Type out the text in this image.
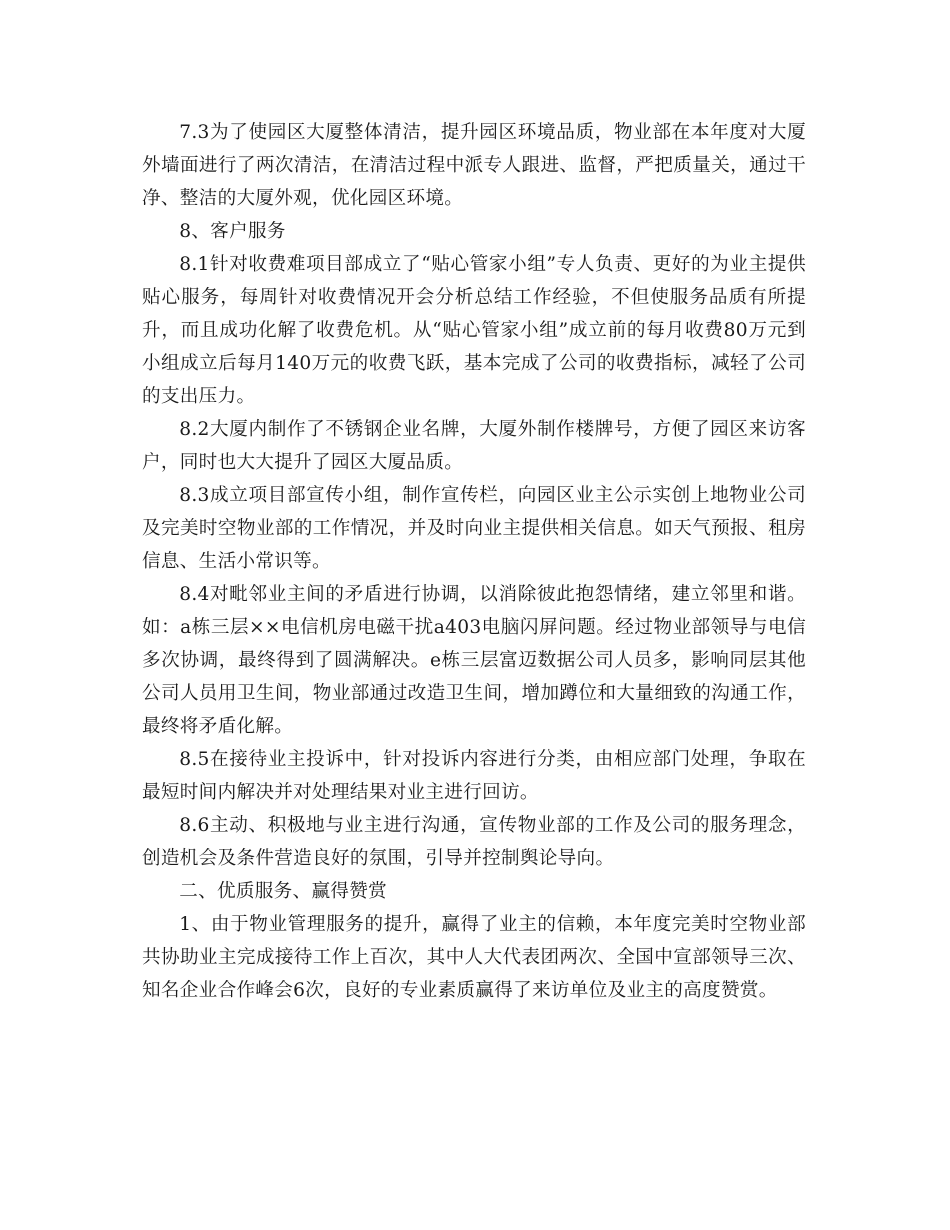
7.3为了使园区大厦整体清洁，提升园区环境品质，物业部在本年度对大厦外墙面进行了两次清洁，在清洁过程中派专人跟进、监督，严把质量关，通过干净、整洁的大厦外观，优化园区环境。

8、客户服务

8.1针对收费难项目部成立了“贴心管家小组”专人负责、更好的为业主提供贴心服务，每周针对收费情况开会分析总结工作经验，不但使服务品质有所提升，而且成功化解了收费危机。从“贴心管家小组”成立前的每月收费80万元到小组成立后每月140万元的收费飞跃，基本完成了公司的收费指标，减轻了公司的支出压力。

8.2大厦内制作了不锈钢企业名牌，大厦外制作楼牌号，方便了园区来访客户，同时也大大提升了园区大厦品质。

8.3成立项目部宣传小组，制作宣传栏，向园区业主公示实创上地物业公司及完美时空物业部的工作情况，并及时向业主提供相关信息。如天气预报、租房信息、生活小常识等。

8.4对毗邻业主间的矛盾进行协调，以消除彼此抱怨情绪，建立邻里和谐。如：a栋三层××电信机房电磁干扰a403电脑闪屏问题。经过物业部领导与电信多次协调，最终得到了圆满解决。e栋三层富迈数据公司人员多，影响同层其他公司人员用卫生间，物业部通过改造卫生间，增加蹲位和大量细致的沟通工作，最终将矛盾化解。

8.5在接待业主投诉中，针对投诉内容进行分类，由相应部门处理，争取在最短时间内解决并对处理结果对业主进行回访。

8.6主动、积极地与业主进行沟通，宣传物业部的工作及公司的服务理念，创造机会及条件营造良好的氛围，引导并控制舆论导向。

二、优质服务、赢得赞赏

1、由于物业管理服务的提升，赢得了业主的信赖，本年度完美时空物业部共协助业主完成接待工作上百次，其中人大代表团两次、全国中宣部领导三次、知名企业合作峰会6次，良好的专业素质赢得了来访单位及业主的高度赞赏。
